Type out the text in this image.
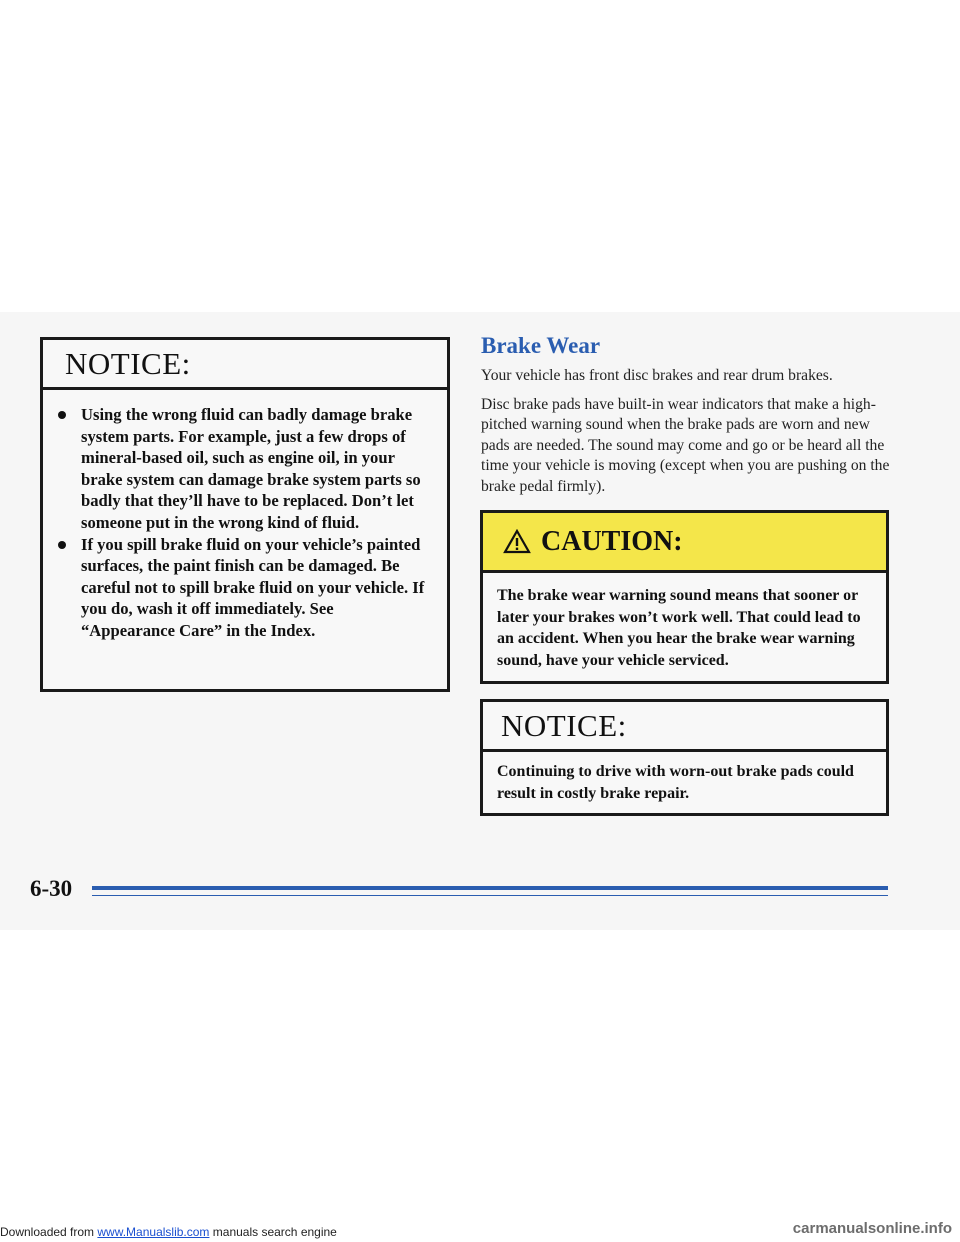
NOTICE:
Using the wrong fluid can badly damage brake system parts. For example, just a few drops of mineral-based oil, such as engine oil, in your brake system can damage brake system parts so badly that they’ll have to be replaced. Don’t let someone put in the wrong kind of fluid.
If you spill brake fluid on your vehicle’s painted surfaces, the paint finish can be damaged. Be careful not to spill brake fluid on your vehicle. If you do, wash it off immediately. See “Appearance Care” in the Index.
Brake Wear
Your vehicle has front disc brakes and rear drum brakes.
Disc brake pads have built-in wear indicators that make a high-pitched warning sound when the brake pads are worn and new pads are needed. The sound may come and go or be heard all the time your vehicle is moving (except when you are pushing on the brake pedal firmly).
CAUTION:
The brake wear warning sound means that sooner or later your brakes won’t work well. That could lead to an accident. When you hear the brake wear warning sound, have your vehicle serviced.
NOTICE:
Continuing to drive with worn-out brake pads could result in costly brake repair.
6-30
Downloaded from www.Manualslib.com manuals search engine	carmanualsonline.info
